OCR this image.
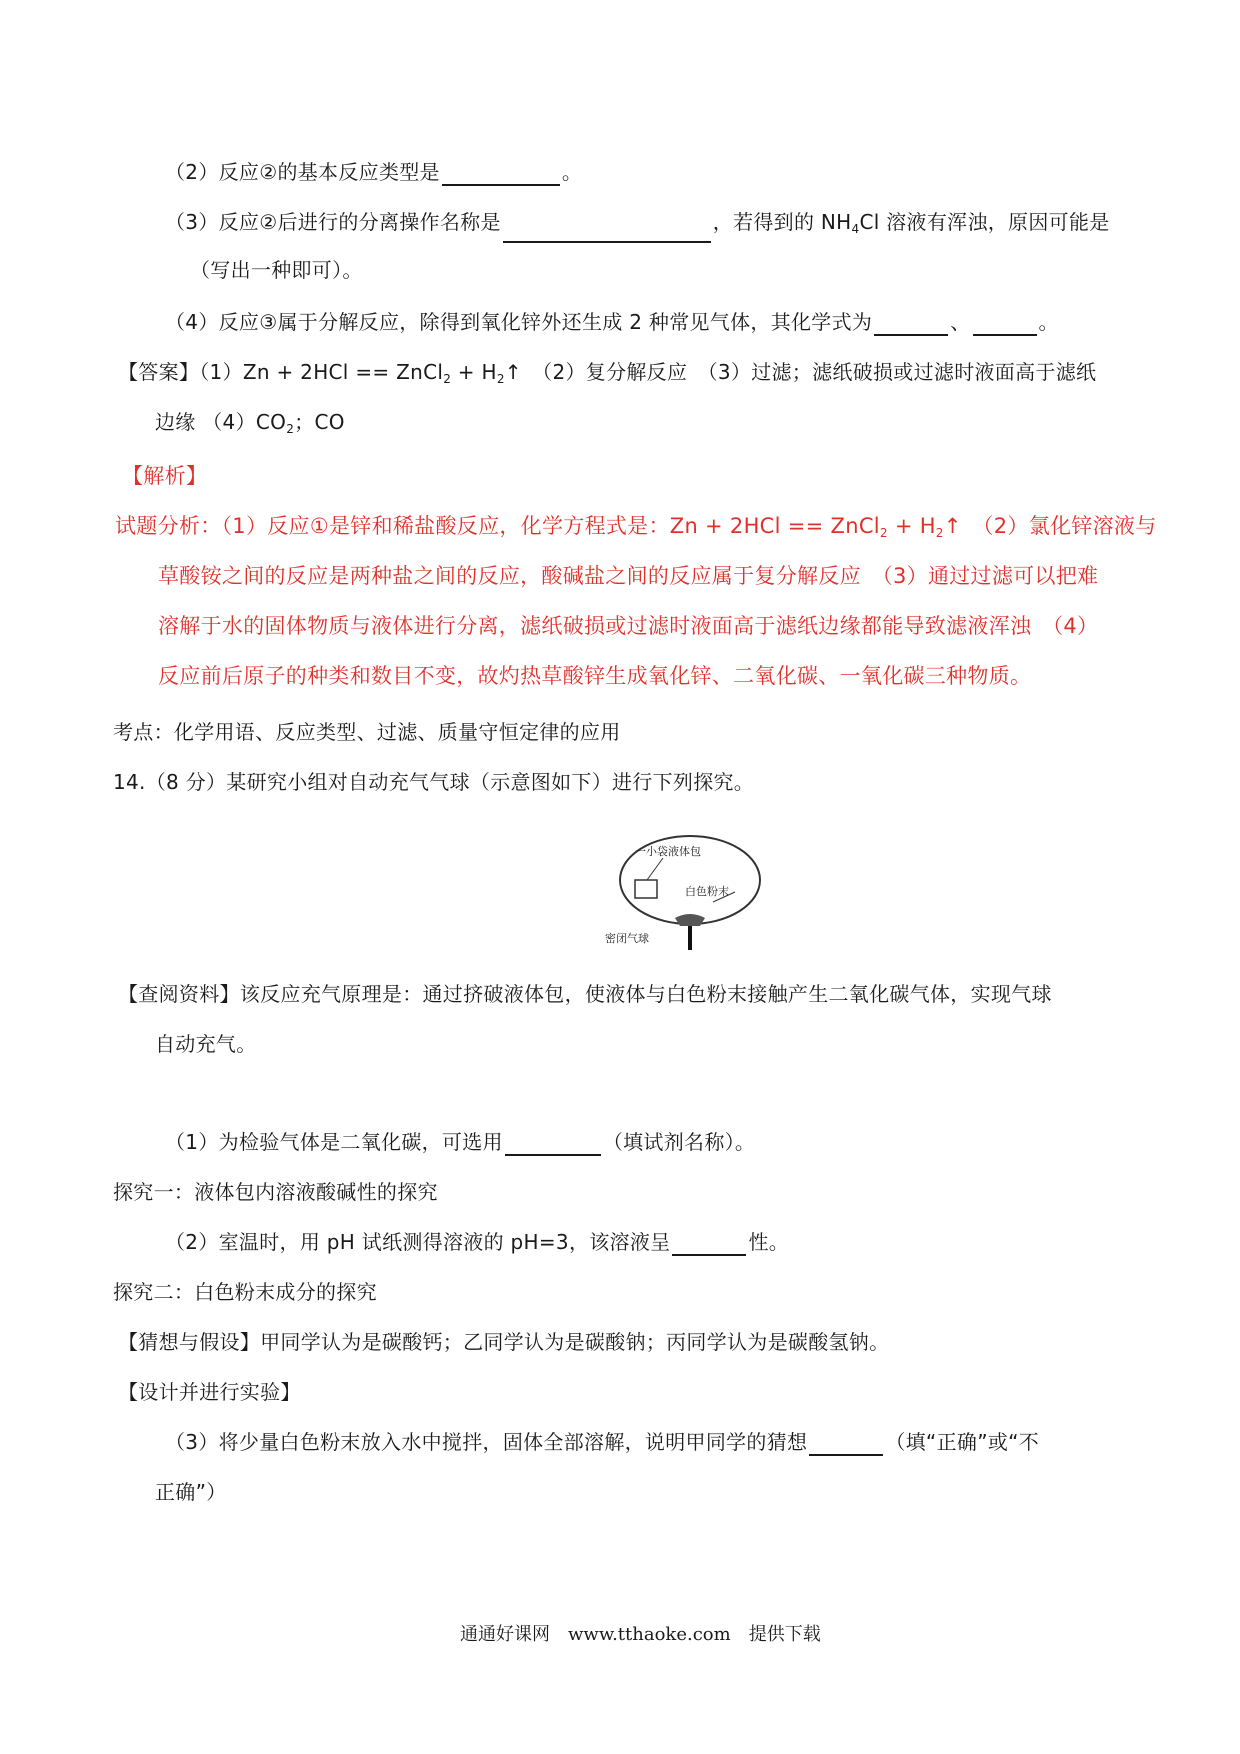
（2）反应②的基本反应类型是	。
（3）反应②后进行的分离操作名称是	，若得到的 $NH_4Cl$ 溶液有浑浊，原因可能是
（写出一种即可）。
（4）反应③属于分解反应，除得到氧化锌外还生成 2 种常见气体，其化学式为	、	。
【答案】（1）Zn + 2HCl == ZnCl$_2$ + $H_2↑$　（2）复分解反应　（3）过滤；滤纸破损或过滤时液面高于滤纸
边缘 $(4)CO_2$；CO
【解析】
试题分析：（1）反应①是锌和稀盐酸反应，化学方程式是：Zn + 2HCl == ZnCl$_2$ + $H_2↑$　（2）氯化锌溶液与
草酸铵之间的反应是两种盐之间的反应，酸碱盐之间的反应属于复分解反应　（3）通过过滤可以把难
溶解于水的固体物质与液体进行分离，滤纸破损或过滤时液面高于滤纸边缘都能导致滤液浑浊　（4）
反应前后原子的种类和数目不变，故灼热草酸锌生成氧化锌、二氧化碳、一氧化碳三种物质。
考点：化学用语、反应类型、过滤、质量守恒定律的应用
14.（8 分）某研究小组对自动充气气球（示意图如下）进行下列探究。
一小袋液体包
白色粉末
密闭气球
【查阅资料】该反应充气原理是：通过挤破液体包，使液体与白色粉末接触产生二氧化碳气体，实现气球
自动充气。
（1）为检验气体是二氧化碳，可选用	（填试剂名称）。
探究一：液体包内溶液酸碱性的探究
（2）室温时，用 pH 试纸测得溶液的 pH=3，该溶液呈	性。
探究二：白色粉末成分的探究
【猜想与假设】甲同学认为是碳酸钙；乙同学认为是碳酸钠；丙同学认为是碳酸氢钠。
【设计并进行实验】
（3）将少量白色粉末放入水中搅拌，固体全部溶解，说明甲同学的猜想	（填“正确”或“不
正确”）
通通好课网　www.tthaoke.com　提供下载
